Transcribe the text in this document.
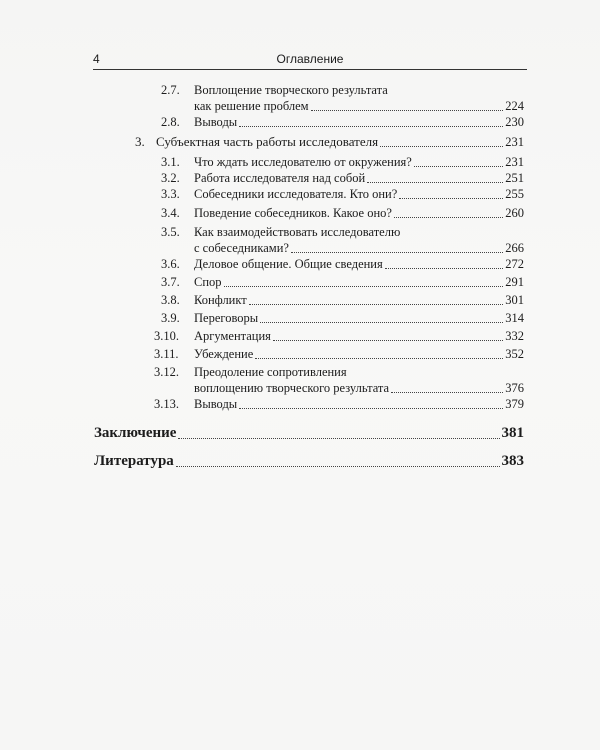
4	Оглавление
2.7. Воплощение творческого результата
как решение проблем	224
2.8. Выводы	230
3. Субъектная часть работы исследователя	231
3.1. Что ждать исследователю от окружения?	231
3.2. Работа исследователя над собой	251
3.3. Собеседники исследователя. Кто они?	255
3.4. Поведение собеседников. Какое оно?	260
3.5. Как взаимодействовать исследователю
с собеседниками?	266
3.6. Деловое общение. Общие сведения	272
3.7. Спор	291
3.8. Конфликт	301
3.9. Переговоры	314
3.10. Аргументация	332
3.11. Убеждение	352
3.12. Преодоление сопротивления
воплощению творческого результата	376
3.13. Выводы	379
Заключение	381
Литература	383
